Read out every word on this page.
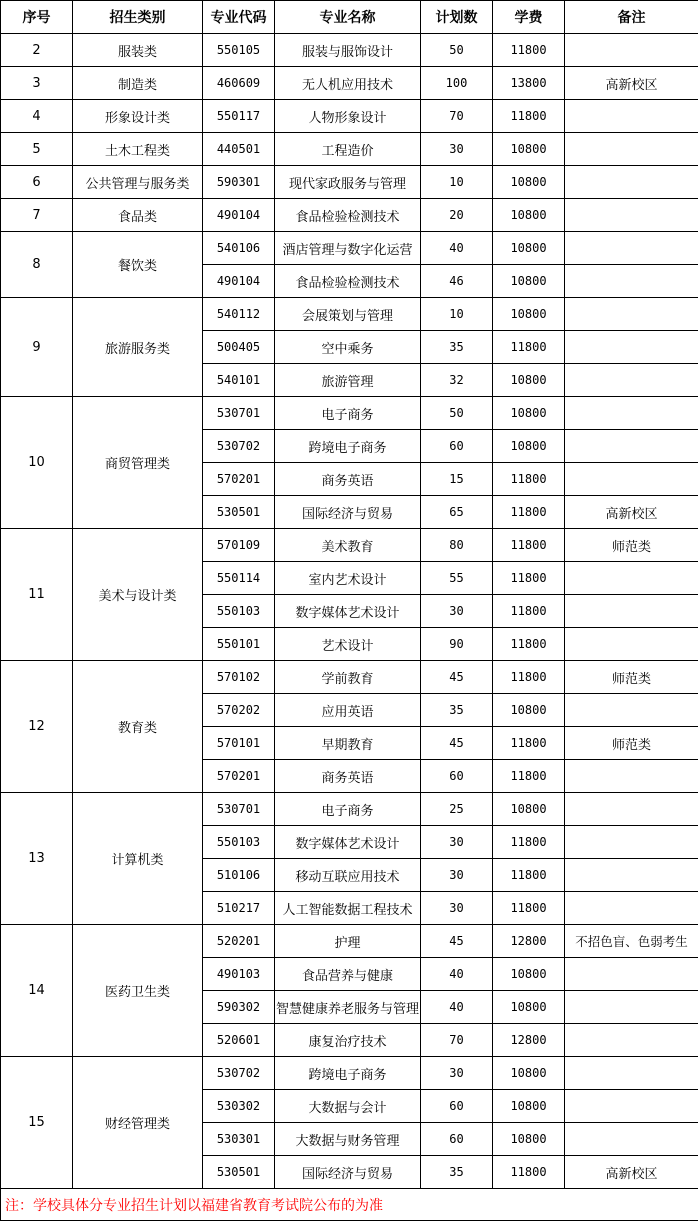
序号	招生类别	专业代码	专业名称	计划数	学费	备注
2	服装类	550105	服装与服饰设计	50	11800	
3	制造类	460609	无人机应用技术	100	13800	高新校区
4	形象设计类	550117	人物形象设计	70	11800	
5	土木工程类	440501	工程造价	30	10800	
6	公共管理与服务类	590301	现代家政服务与管理	10	10800	
7	食品类	490104	食品检验检测技术	20	10800	
8	餐饮类	540106	酒店管理与数字化运营	40	10800	
		490104	食品检验检测技术	46	10800	
9	旅游服务类	540112	会展策划与管理	10	10800	
		500405	空中乘务	35	11800	
		540101	旅游管理	32	10800	
10	商贸管理类	530701	电子商务	50	10800	
		530702	跨境电子商务	60	10800	
		570201	商务英语	15	11800	
		530501	国际经济与贸易	65	11800	高新校区
11	美术与设计类	570109	美术教育	80	11800	师范类
		550114	室内艺术设计	55	11800	
		550103	数字媒体艺术设计	30	11800	
		550101	艺术设计	90	11800	
12	教育类	570102	学前教育	45	11800	师范类
		570202	应用英语	35	10800	
		570101	早期教育	45	11800	师范类
		570201	商务英语	60	11800	
13	计算机类	530701	电子商务	25	10800	
		550103	数字媒体艺术设计	30	11800	
		510106	移动互联应用技术	30	11800	
		510217	人工智能数据工程技术	30	11800	
14	医药卫生类	520201	护理	45	12800	不招色盲、色弱考生
		490103	食品营养与健康	40	10800	
		590302	智慧健康养老服务与管理	40	10800	
		520601	康复治疗技术	70	12800	
15	财经管理类	530702	跨境电子商务	30	10800	
		530302	大数据与会计	60	10800	
		530301	大数据与财务管理	60	10800	
		530501	国际经济与贸易	35	11800	高新校区
注：学校具体分专业招生计划以福建省教育考试院公布的为准						
